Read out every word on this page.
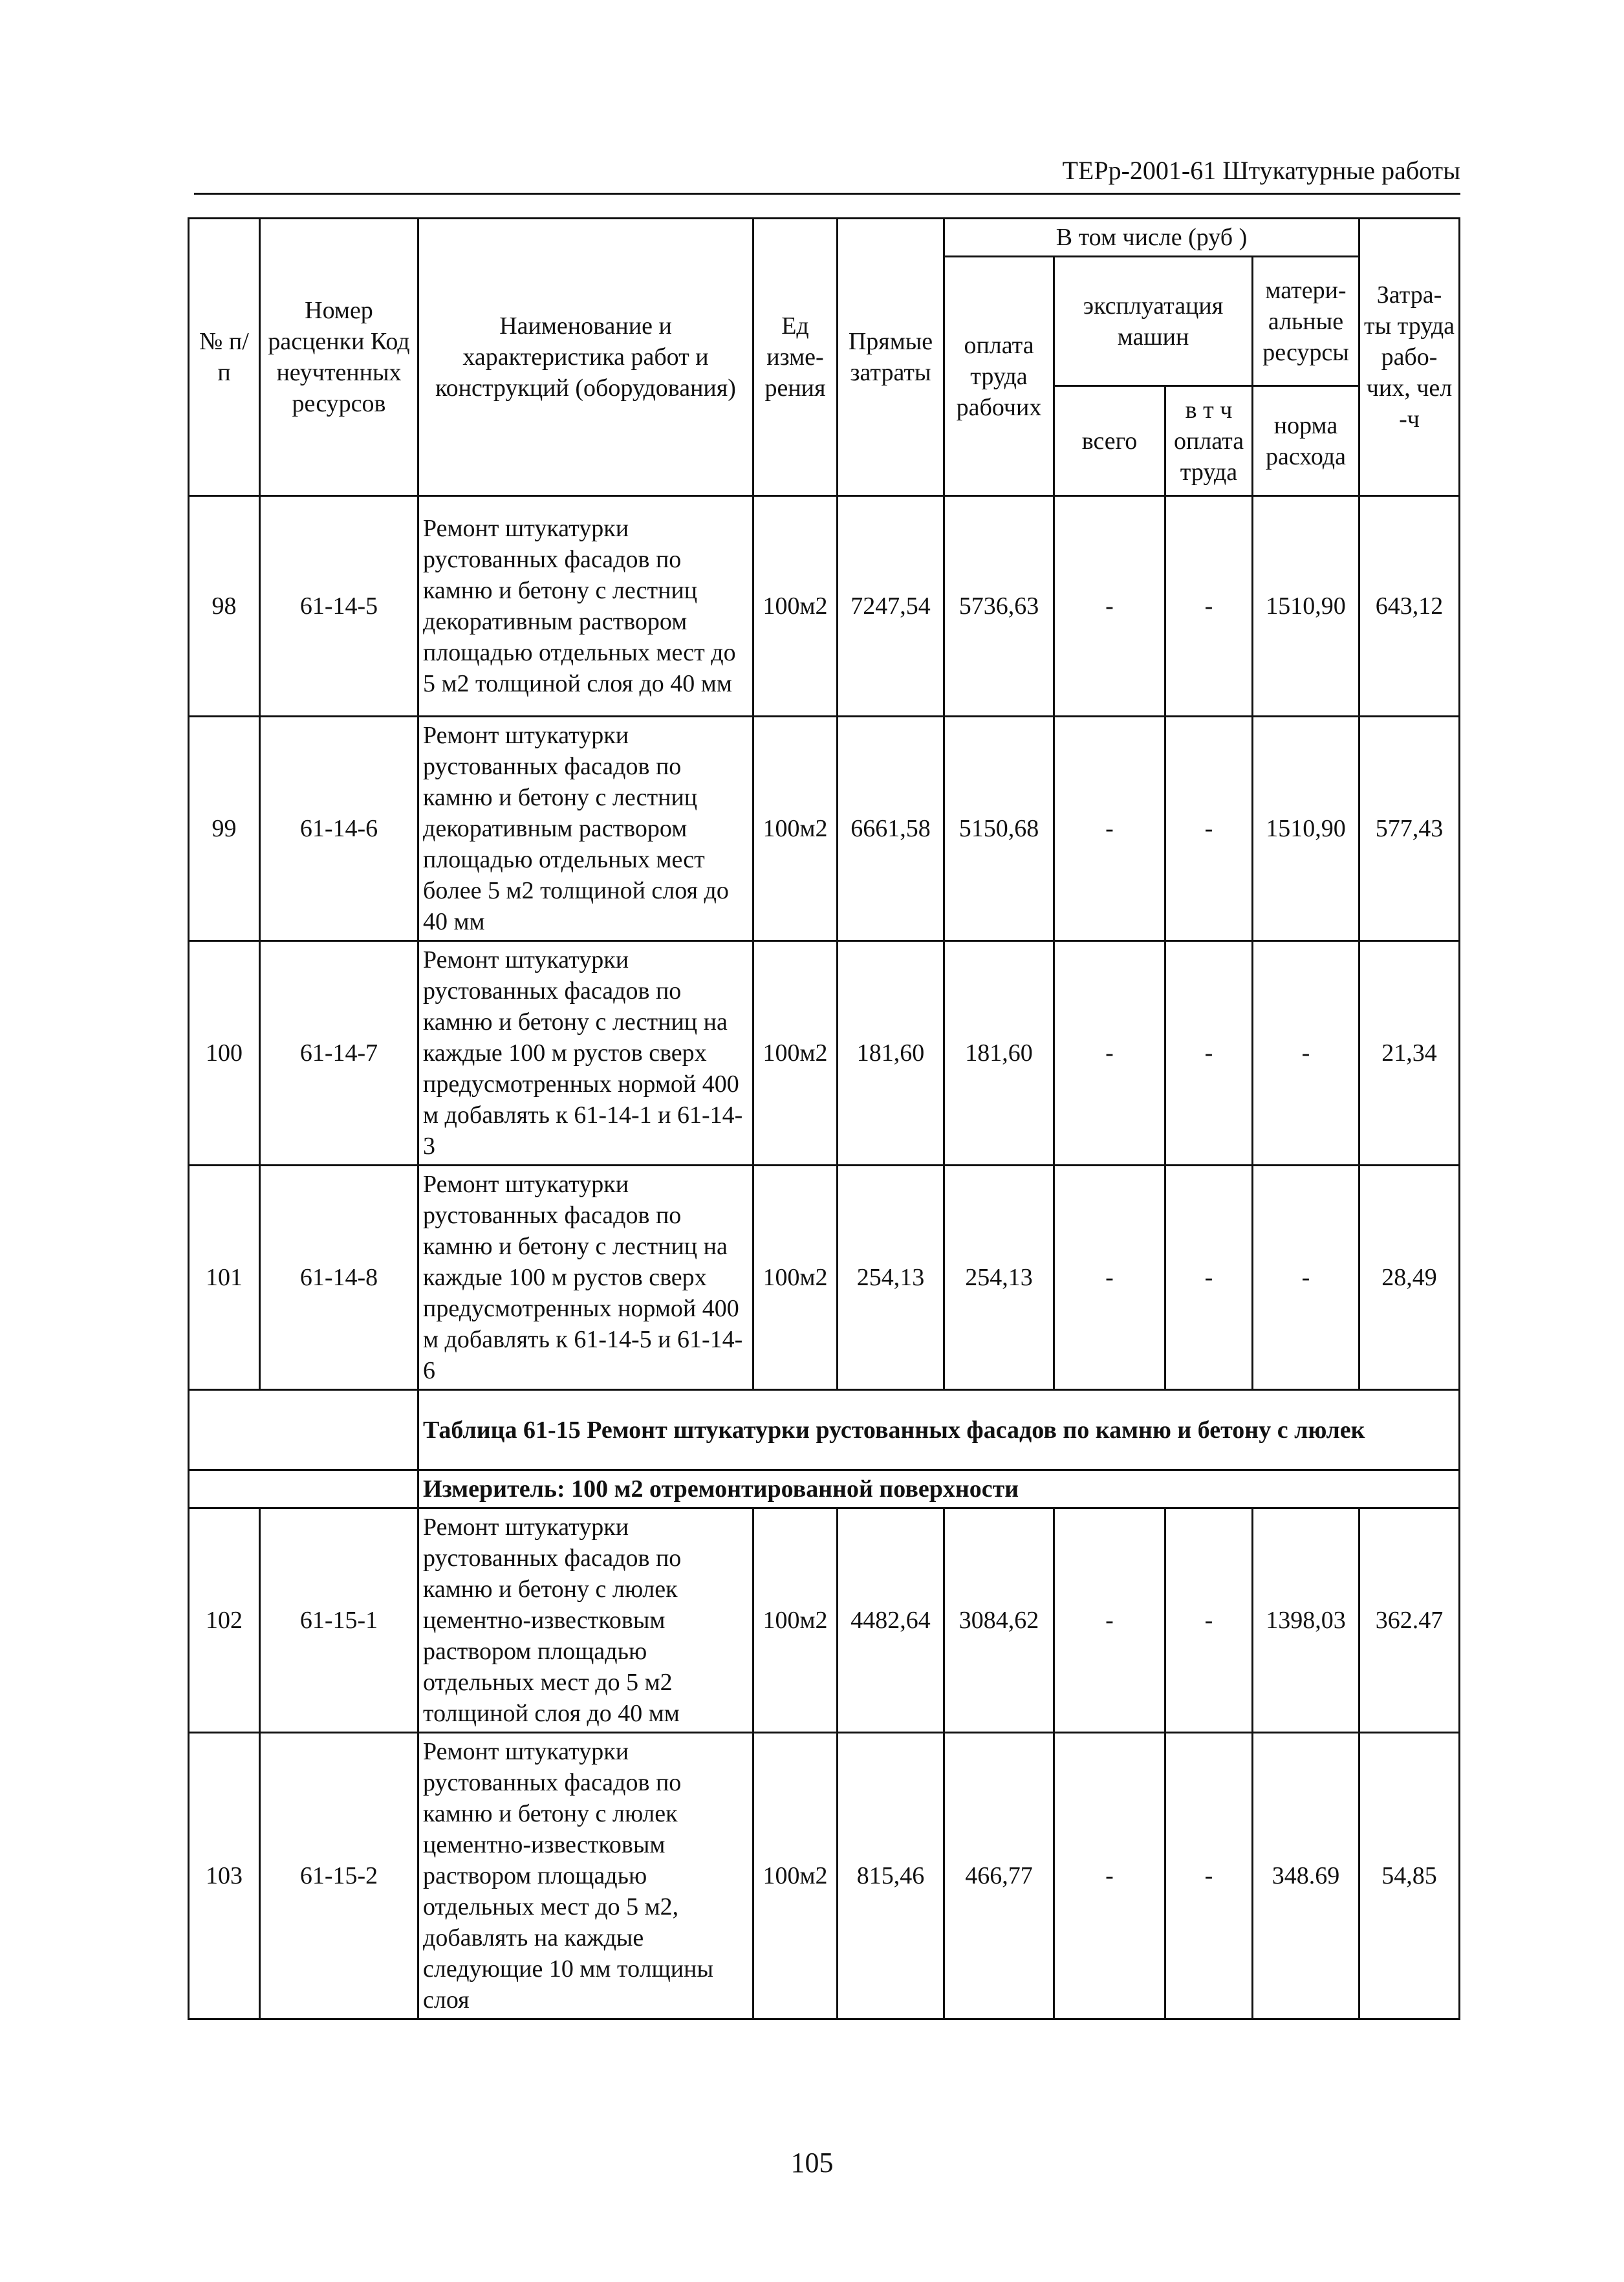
ТЕРр-2001-61 Штукатурные работы
№ п/п	Номер расценки Код неучтенных ресурсов	Наименование и характеристика работ и конструкций (оборудования)	Ед изме-рения	Прямые затраты	В том числе (руб )				Затра-ты труда рабо-чих, чел -ч
					оплата труда рабочих	эксплуатация машин		матери-альные ресурсы	
						всего	в т ч оплата труда	норма расхода	

98	61-14-5	Ремонт штукатурки рустованных фасадов по камню и бетону с лестниц декоративным раствором площадью отдельных мест до 5 м2 толщиной слоя до 40 мм	100м2	7247,54	5736,63	-	-	1510,90	643,12
99	61-14-6	Ремонт штукатурки рустованных фасадов по камню и бетону с лестниц декоративным раствором площадью отдельных мест более 5 м2 толщиной слоя до 40 мм	100м2	6661,58	5150,68	-	-	1510,90	577,43
100	61-14-7	Ремонт штукатурки рустованных фасадов по камню и бетону с лестниц на каждые 100 м рустов сверх предусмотренных нормой 400 м добавлять к 61-14-1 и 61-14-3	100м2	181,60	181,60	-	-	-	21,34
101	61-14-8	Ремонт штукатурки рустованных фасадов по камню и бетону с лестниц на каждые 100 м рустов сверх предусмотренных нормой 400 м добавлять к 61-14-5 и 61-14-6	100м2	254,13	254,13	-	-	-	28,49
		Таблица 61-15 Ремонт штукатурки рустованных фасадов по камню и бетону с люлек							
		Измеритель: 100 м2 отремонтированной поверхности							
102	61-15-1	Ремонт штукатурки рустованных фасадов по камню и бетону с люлек цементно-известковым раствором площадью отдельных мест до 5 м2 толщиной слоя до 40 мм	100м2	4482,64	3084,62	-	-	1398,03	362.47
103	61-15-2	Ремонт штукатурки рустованных фасадов по камню и бетону с люлек цементно-известковым раствором площадью отдельных мест до 5 м2, добавлять на каждые следующие 10 мм толщины слоя	100м2	815,46	466,77	-	-	348.69	54,85
105
